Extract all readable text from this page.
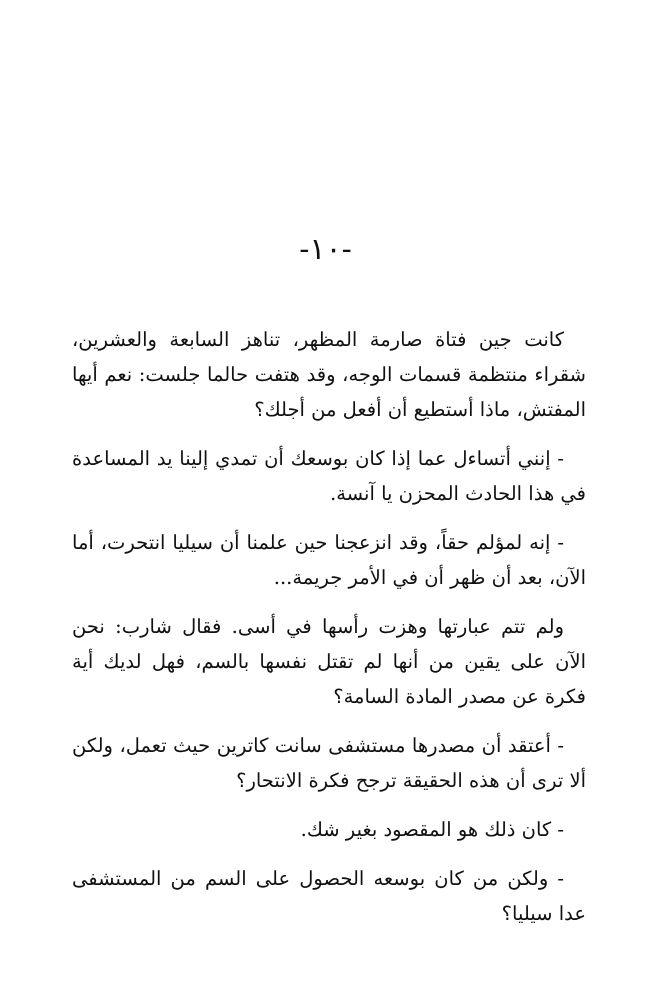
-١٠-

كانت جين فتاة صارمة المظهر، تناهز السابعة والعشرين، شقراء منتظمة قسمات الوجه، وقد هتفت حالما جلست: نعم أيها المفتش، ماذا أستطيع أن أفعل من أجلك؟

- إنني أتساءل عما إذا كان بوسعك أن تمدي إلينا يد المساعدة في هذا الحادث المحزن يا آنسة.

- إنه لمؤلم حقاً، وقد انزعجنا حين علمنا أن سيليا انتحرت، أما الآن، بعد أن ظهر أن في الأمر جريمة...

ولم تتم عبارتها وهزت رأسها في أسى. فقال شارب: نحن الآن على يقين من أنها لم تقتل نفسها بالسم، فهل لديك أية فكرة عن مصدر المادة السامة؟

- أعتقد أن مصدرها مستشفى سانت كاترين حيث تعمل، ولكن ألا ترى أن هذه الحقيقة ترجح فكرة الانتحار؟

- كان ذلك هو المقصود بغير شك.

- ولكن من كان بوسعه الحصول على السم من المستشفى عدا سيليا؟
